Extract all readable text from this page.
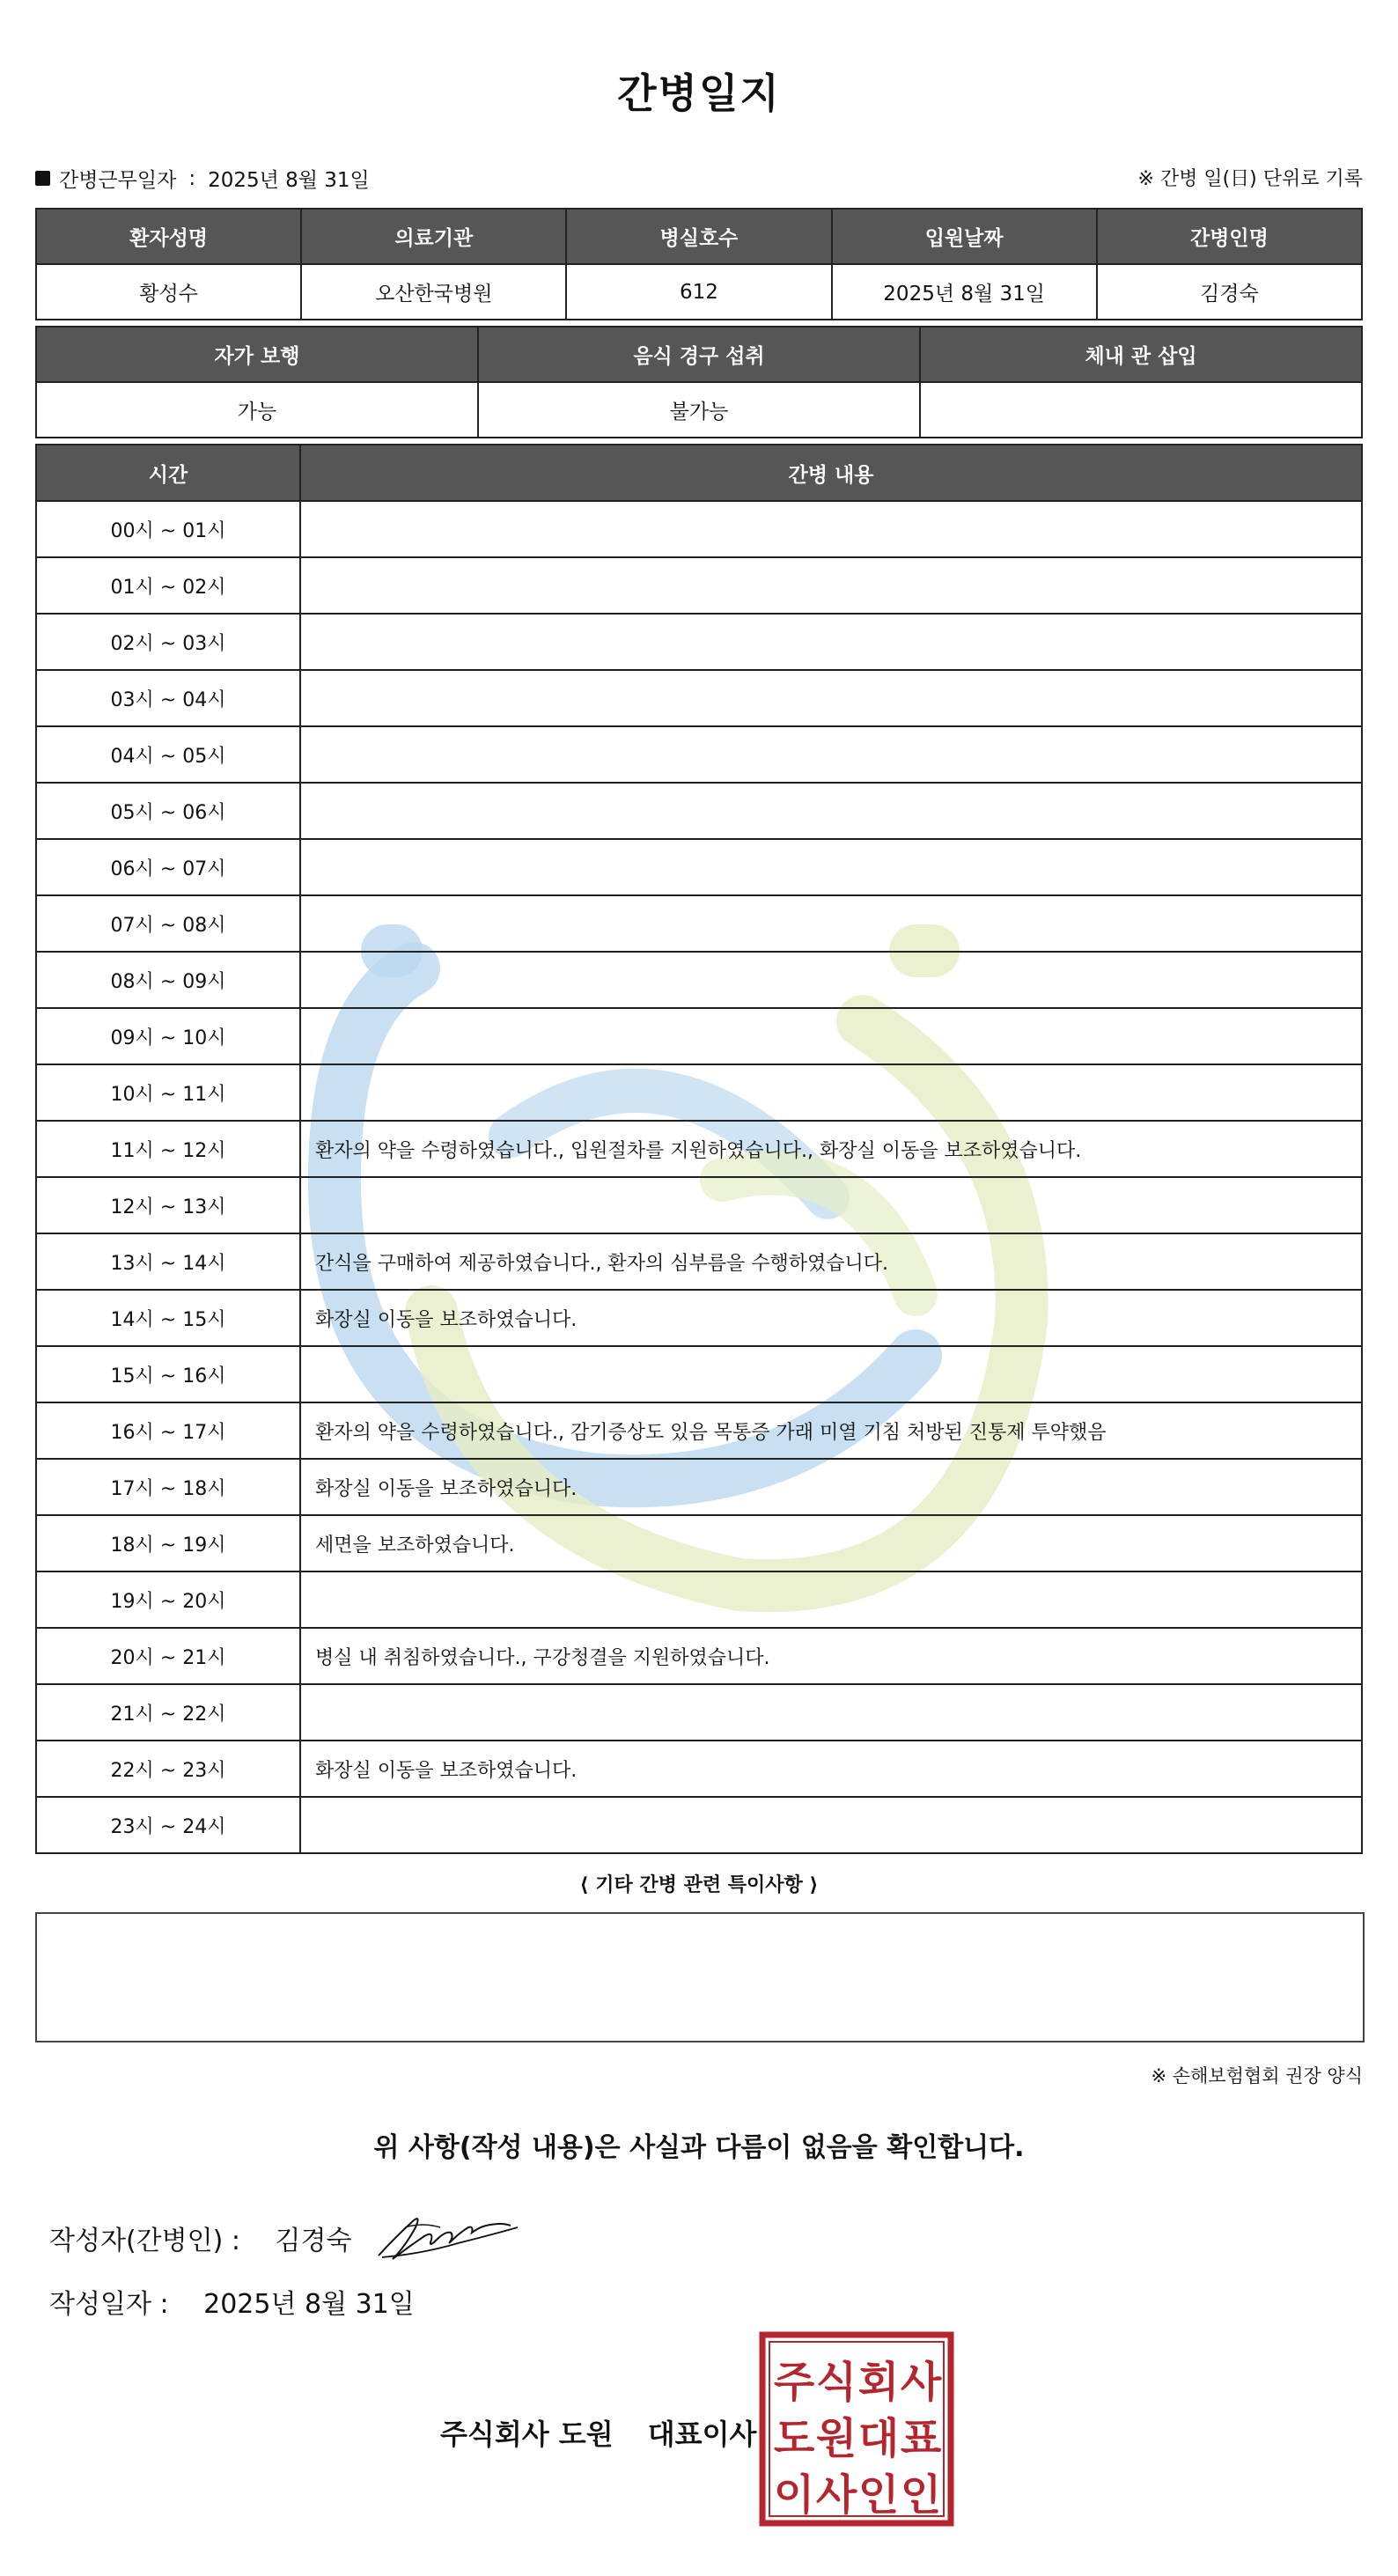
간병일지
간병근무일자 : 2025년 8월 31일	※ 간병 일(日) 단위로 기록
환자성명	의료기관	병실호수	입원날짜	간병인명
황성수	오산한국병원	612	2025년 8월 31일	김경숙
자가 보행	음식 경구 섭취	체내 관 삽입
가능	불가능	
시간	간병 내용
00시 ~ 01시	
01시 ~ 02시	
02시 ~ 03시	
03시 ~ 04시	
04시 ~ 05시	
05시 ~ 06시	
06시 ~ 07시	
07시 ~ 08시	
08시 ~ 09시	
09시 ~ 10시	
10시 ~ 11시	
11시 ~ 12시	환자의 약을 수령하였습니다., 입원절차를 지원하였습니다., 화장실 이동을 보조하였습니다.
12시 ~ 13시	
13시 ~ 14시	간식을 구매하여 제공하였습니다., 환자의 심부름을 수행하였습니다.
14시 ~ 15시	화장실 이동을 보조하였습니다.
15시 ~ 16시	
16시 ~ 17시	환자의 약을 수령하였습니다., 감기증상도 있음 목통증 가래 미열 기침 처방된 진통제 투약했음
17시 ~ 18시	화장실 이동을 보조하였습니다.
18시 ~ 19시	세면을 보조하였습니다.
19시 ~ 20시	
20시 ~ 21시	병실 내 취침하였습니다., 구강청결을 지원하였습니다.
21시 ~ 22시	
22시 ~ 23시	화장실 이동을 보조하였습니다.
23시 ~ 24시	
⟨ 기타 간병 관련 특이사항 ⟩
※ 손해보험협회 권장 양식
위 사항(작성 내용)은 사실과 다름이 없음을 확인합니다.
작성자(간병인) : 김경숙
작성일자 : 2025년 8월 31일
주식회사 도원 대표이사
주 식 회 사
도 원 대 표
이 사 인 인
